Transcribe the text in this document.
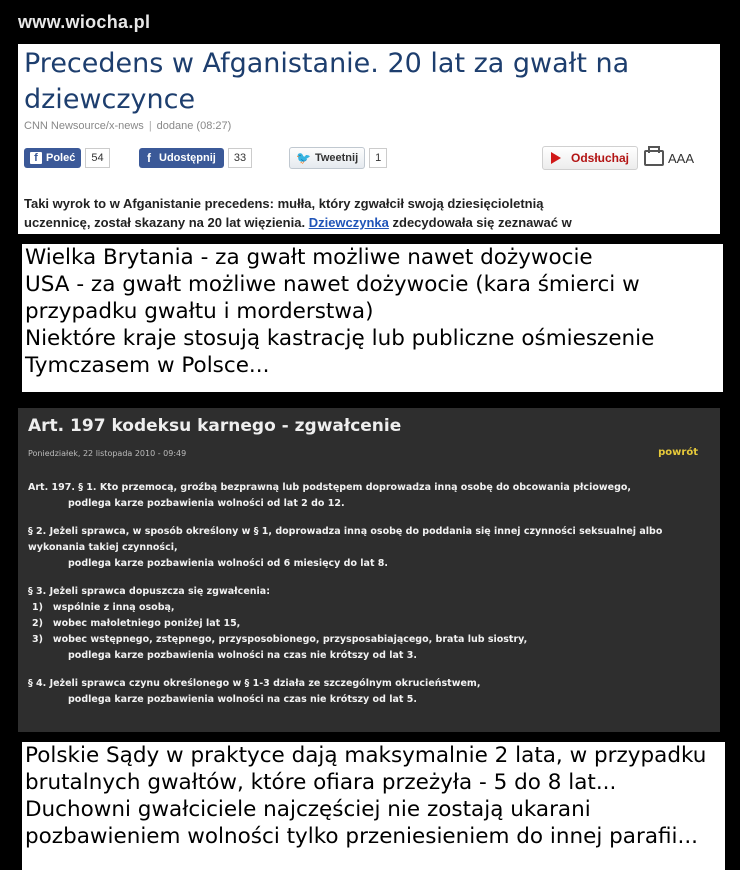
www.wiocha.pl
Precedens w Afganistanie. 20 lat za gwałt na
dziewczynce
CNN Newsource/x-news | dodane (08:27)
f Poleć	54	f Udostępnij	33	🐦 Tweetnij	1	Odsłuchaj	AAA
Taki wyrok to w Afganistanie precedens: mułła, który zgwałcił swoją dziesięcioletnią
uczennicę, został skazany na 20 lat więzienia. Dziewczynka zdecydowała się zeznawać w
Wielka Brytania - za gwałt możliwe nawet dożywocie
USA - za gwałt możliwe nawet dożywocie (kara śmierci w
przypadku gwałtu i morderstwa)
Niektóre kraje stosują kastrację lub publiczne ośmieszenie
Tymczasem w Polsce...
Art. 197 kodeksu karnego - zgwałcenie
Poniedziałek, 22 listopada 2010 - 09:49	powrót
Art. 197. § 1. Kto przemocą, groźbą bezprawną lub podstępem doprowadza inną osobę do obcowania płciowego,
podlega karze pozbawienia wolności od lat 2 do 12.
§ 2. Jeżeli sprawca, w sposób określony w § 1, doprowadza inną osobę do poddania się innej czynności seksualnej albo
wykonania takiej czynności,
podlega karze pozbawienia wolności od 6 miesięcy do lat 8.
§ 3. Jeżeli sprawca dopuszcza się zgwałcenia:
1)   wspólnie z inną osobą,
2)   wobec małoletniego poniżej lat 15,
3)   wobec wstępnego, zstępnego, przysposobionego, przysposabiającego, brata lub siostry,
podlega karze pozbawienia wolności na czas nie krótszy od lat 3.
§ 4. Jeżeli sprawca czynu określonego w § 1-3 działa ze szczególnym okrucieństwem,
podlega karze pozbawienia wolności na czas nie krótszy od lat 5.
Polskie Sądy w praktyce dają maksymalnie 2 lata, w przypadku
brutalnych gwałtów, które ofiara przeżyła - 5 do 8 lat...
Duchowni gwałciciele najczęściej nie zostają ukarani
pozbawieniem wolności tylko przeniesieniem do innej parafii...
